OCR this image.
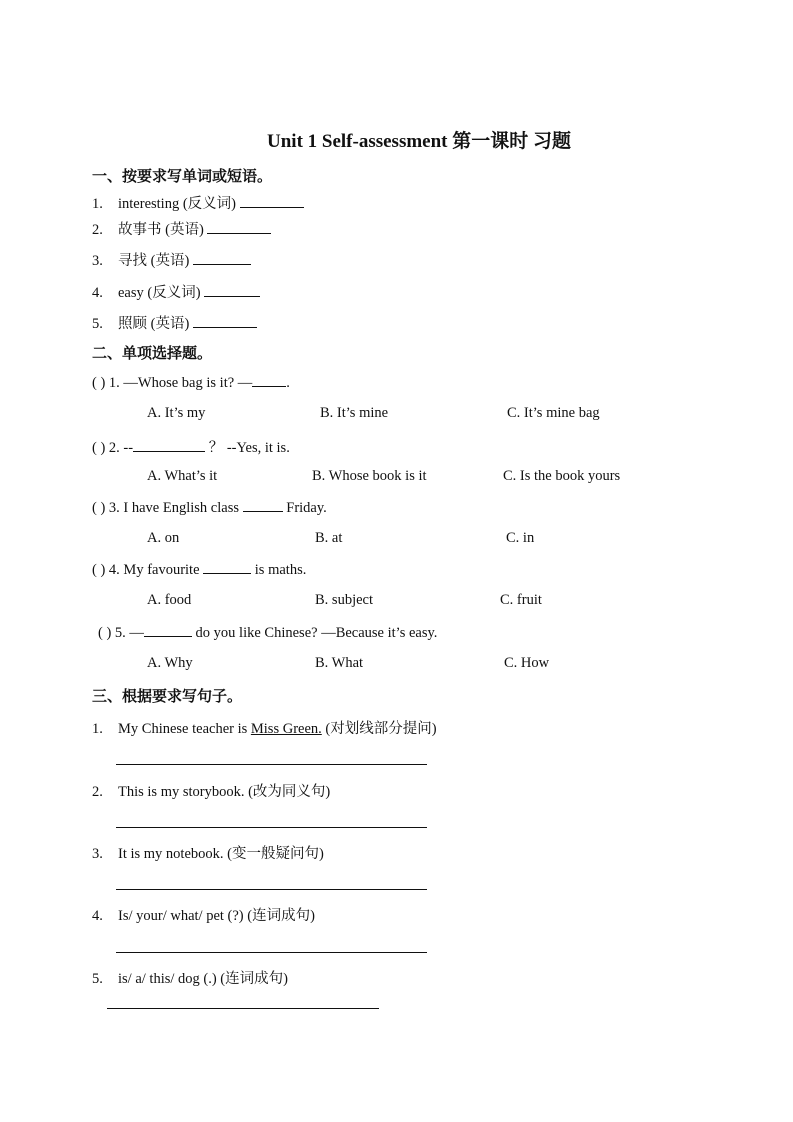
Unit 1 Self-assessment 第一课时 习题
一、按要求写单词或短语。
1. interesting (反义词)
2. 故事书 (英语)
3. 寻找 (英语)
4. easy (反义词)
5. 照顾 (英语)
二、单项选择题。
( ) 1. —Whose bag is it? — .
A. It’s my	B. It’s mine	C. It’s mine bag
( ) 2. --	？ --Yes, it is.
A. What’s it	B. Whose book is it	C. Is the book yours
( ) 3. I have English class	Friday.
A. on	B. at	C. in
( ) 4. My favourite	is maths.
A. food	B. subject	C. fruit
( ) 5. —	do you like Chinese? —Because it’s easy.
A. Why	B. What	C. How
三、根据要求写句子。
1. My Chinese teacher is Miss Green. (对划线部分提问)
2. This is my storybook. (改为同义句)
3. It is my notebook. (变一般疑问句)
4. Is/ your/ what/ pet (?) (连词成句)
5. is/ a/ this/ dog (.) (连词成句)
